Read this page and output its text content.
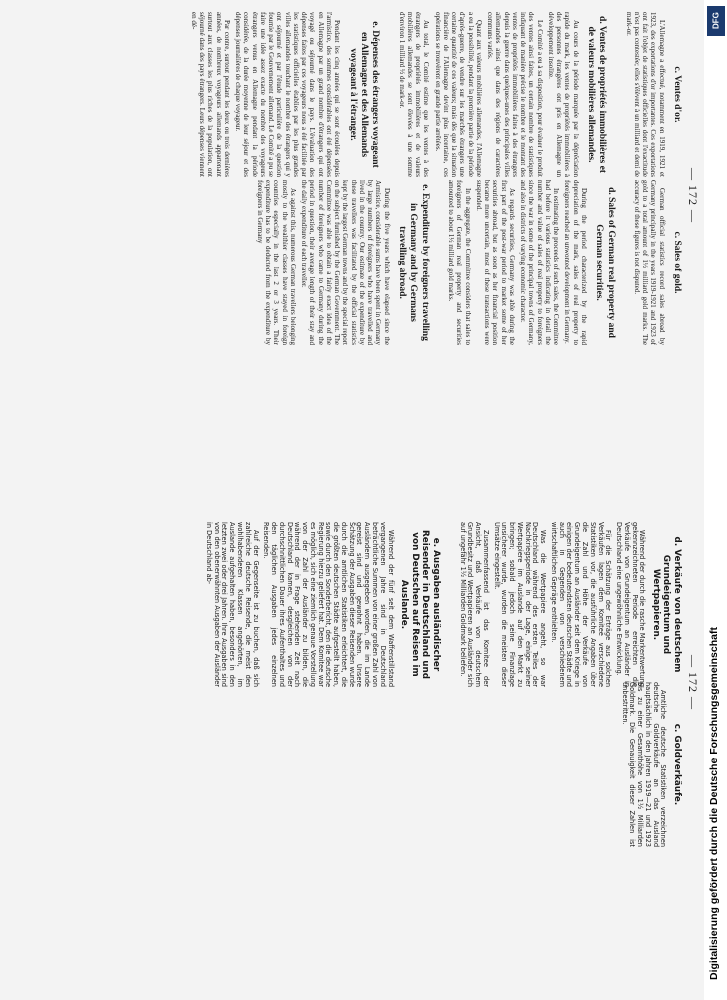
— 172 —
— 172 —
c. Ventes d'or.

L'Allemagne a effectué, notamment en 1919, 1921 et 1923, des exportations d'or importantes. Ces exportations ont fait l'objet de statistiques officielles dont l'exactitude n'est pas contestée; elles s'élèvent à un milliard et demi de mark-or.

d. Ventes de propriétés immobilières et de valeurs mobilières allemandes.

Au cours de la période marquée par la dépréciation rapide du mark, les ventes de propriétés immobilières à des personnes étrangères ont pris en Allemagne un développement insolite.

Le Comité a eu à sa disposition, pour évaluer le produit des ventes ainsi faites, un certain nombre de statistiques indiquant de manière précise le nombre et le montant des ventes de propriétés immobilières faites à des étrangers depuis la guerre dans quelques-unes des principales villes allemandes ainsi que dans des régions de caractères communs variés.

Quant aux valeurs mobilières allemandes, l'Allemagne a eu la possibilité, pendant la première partie de la période d'après-guerre, de vendre sur les marchés étrangers une certaine quantité de ces valeurs; mais dès que la situation financière de l'Allemagne devint plus incertaine, ces opérations se trouvèrent en grande partie arrêtées.

Au total, le Comité estime que les ventes à des étrangers de propriétés immobilières et de valeurs mobilières allemandes se sont élevées à une somme d'environ 1 milliard ½ de mark-or.

e. Dépenses des étrangers voyageant en Allemagne et des Allemands voyageant à l'étranger.

Pendant les cinq années qui se sont écoulées depuis l'armistice, des sommes considérables ont été dépensées en Allemagne par un grand nombre d'étrangers qui ont voyagé ou séjourné dans le pays. L'évaluation des dépenses faites par ces voyageurs nous a été facilitée par les statistiques officielles établies par les plus grandes villes allemandes touchant le nombre des étrangers qui y ont séjourné et par l'étude particulière de la question fournie par le Gouvernement allemand. Le Comité a pu se faire une idée assez exacte du nombre des voyageurs étrangers venus en Allemagne pendant la période considérée, de la durée moyenne de leur séjour et des dépenses journalières de chaque voyageur.

Par contre, surtout pendant les deux ou trois dernières années, de nombreux voyageurs allemands appartenant surtout aux classes les plus riches de la population, ont séjourné dans des pays étrangers. Leurs dépenses viennent en dé-

c. Sales of gold.

German official statistics record sales abroad by Germany principally in the years 1919-1921 and 1923 of gold to a total amount of 1½ milliard gold marks. The accuracy of these figures is not disputed.

d. Sales of German real property and German securities.

During the period characterized by the rapid depreciation of the mark, sales of real property to foreigners reached an unwonted development in Germany.

In estimating the proceeds of such sales, the Committee had before it various statistics indicating in detail the number and value of sales of real property to foreigners since the war in some of the principal towns of Germany, and also in districts of varying economic character.

As regards securities, Germany was able during the first part of the post-war period to market some of her securities abroad, but as soon as her financial position became more uncertain, most of these transactions were suspended.

In the aggregate, the Committee considers that sales to foreigners of German real property and securities amounted to about 1½ milliard gold marks.

e. Expenditure by foreigners travelling in Germany and by Germans travelling abroad.

During the five years which have elapsed since the Armistice, considerable sums have been spent in Germany by large numbers of foreigners who have travelled and lived in the country. Our estimate of the expenditure by these travellers was facilitated by the official statistics kept by the largest German towns and by the special report on the subject furnished by the German Government. The Committee was able to obtain a fairly exact idea of the number of foreigners who came to Germany during the period in question, their average length of their stay and the daily expenditure of each traveller.

As against this, numerous German travellers belonging mostly to the wealthier classes have stayed in foreign countries especially in the last 2 or 3 years. Their expenditure has to be deducted from the expenditure by foreigners in Germany

d. Verkäufe von deutschem Grundeigentum und Wertpapieren.

Während der durch die rasche Markentwertung gekennzeichneten Periode erreichten die Verkäufe von Grundeigentum an Ausländer in Deutschland eine ungewöhnliche Entwicklung.

Für die Schätzung der Erträge aus solchen Verkäufen lagen dem Komitee verschiedene Statistiken vor, die ausführliche Angaben über die Zahl und Höhe der Verkäufe von Grundeigentum an Ausländer seit dem Kriege in einigen der bedeutendsten deutschen Städte und auch in Gegenden von verschiedenem wirtschaftlichen Gepräge enthielten.

Was die Wertpapiere angeht, so war Deutschland während des ersten Teiles der Nachkriegsperiode in der Lage, einige seiner Wertpapiere im Auslande auf den Markt zu bringen; sobald jedoch seine Finanzlage unsicherer wurde, wurden die meisten dieser Umsätze eingestellt.

Zusammenfassend ist das Komitee der Ansicht, daß Verkäufe von deutschem Grundbesitz und Wertpapieren an Ausländer sich auf ungefähr 1½ Milliarden Goldmark beliefen.

e. Ausgaben ausländischer Reisender in Deutschland und von Deutschen auf Reisen im Auslande.

Während der fünf seit dem Waffenstillstand vergangenen Jahre sind in Deutschland beträchtliche Summen von einer großen Zahl von Ausländern ausgegeben worden, die im Lande gereist sind und gewohnt haben. Unsere Schätzung der Ausgaben dieser Reisenden wurde durch die amtlichen Statistiken erleichtert, die die größten deutschen Städte aufgestellt haben, sowie durch den Sonderbericht, den die deutsche Regierung hierzu geliefert hat. Dem Komitee war es möglich, sich eine ziemlich genaue Vorstellung von der Zahl der Ausländer zu bilden, die während der in Frage stehenden Zeit nach Deutschland kamen, desgleichen von der durchschnittlichen Dauer ihres Aufenthaltes und den täglichen Ausgaben jedes einzelnen Reisenden.

Auf der Gegenseite ist zu buchen, daß sich zahlreiche deutsche Reisende, die meist den wohlhabenderen Klassen angehörten, im Auslande aufgehalten haben, besonders in den letzten zwei oder drei Jahren. Ihre Ausgaben sind von den obenerwähnten Ausgaben der Ausländer in Deutschland ab-

c. Goldverkäufe.

Amtliche deutsche Statistiken verzeichnen deutsche Goldverkäufe an das Ausland hauptsächlich in den Jahren 1919—21 und 1923 bis zu einer Gesamthöhe von 1½ Milliarden Goldmark. Die Genauigkeit dieser Zahlen ist unbestritten.

DFG
Digitalisierung gefördert durch die Deutsche Forschungsgemeinschaft
